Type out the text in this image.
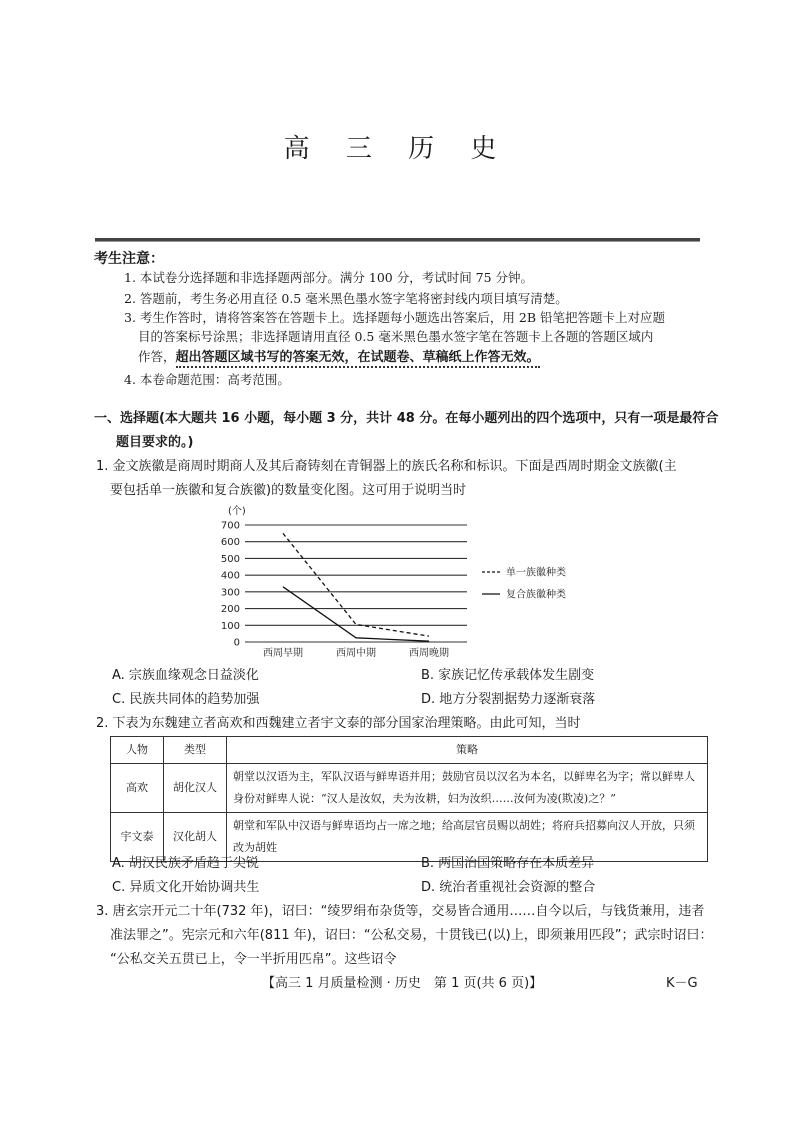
高 三 历 史
考生注意：
1. 本试卷分选择题和非选择题两部分。满分 100 分，考试时间 75 分钟。
2. 答题前，考生务必用直径 0.5 毫米黑色墨水签字笔将密封线内项目填写清楚。
3. 考生作答时，请将答案答在答题卡上。选择题每小题选出答案后，用 2B 铅笔把答题卡上对应题
目的答案标号涂黑；非选择题请用直径 0.5 毫米黑色墨水签字笔在答题卡上各题的答题区域内
作答，超出答题区域书写的答案无效，在试题卷、草稿纸上作答无效。
4. 本卷命题范围：高考范围。
一、选择题(本大题共 16 小题，每小题 3 分，共计 48 分。在每小题列出的四个选项中，只有一项是最符合
题目要求的。)
1. 金文族徽是商周时期商人及其后裔铸刻在青铜器上的族氏名称和标识。下面是西周时期金文族徽(主
要包括单一族徽和复合族徽)的数量变化图。这可用于说明当时
(个)
0
100
200
300
400
500
600
700
西周早期	西周中期	西周晚期
单一族徽种类
复合族徽种类
A. 宗族血缘观念日益淡化	B. 家族记忆传承载体发生剧变
C. 民族共同体的趋势加强	D. 地方分裂割据势力逐渐衰落
2. 下表为东魏建立者高欢和西魏建立者宇文泰的部分国家治理策略。由此可知，当时
人物	类型	策略
高欢	胡化汉人	朝堂以汉语为主，军队汉语与鲜卑语并用；鼓励官员以汉名为本名，以鲜卑名为字；常以鲜卑人
身份对鲜卑人说：“汉人是汝奴，夫为汝耕，妇为汝织……汝何为凌(欺凌)之？”

宇文泰	汉化胡人	朝堂和军队中汉语与鲜卑语均占一席之地；给高层官员赐以胡姓；将府兵招募向汉人开放，只须
改为胡姓
A. 胡汉民族矛盾趋于尖锐	B. 两国治国策略存在本质差异
C. 异质文化开始协调共生	D. 统治者重视社会资源的整合
3. 唐玄宗开元二十年(732 年)，诏曰：“绫罗绢布杂货等，交易皆合通用……自今以后，与钱货兼用，违者
准法罪之”。宪宗元和六年(811 年)，诏曰：“公私交易，十贯钱已(以)上，即须兼用匹段”；武宗时诏曰：
“公私交关五贯已上，令一半折用匹帛”。这些诏令
【高三 1 月质量检测 · 历史　第 1 页(共 6 页)】	K－G
